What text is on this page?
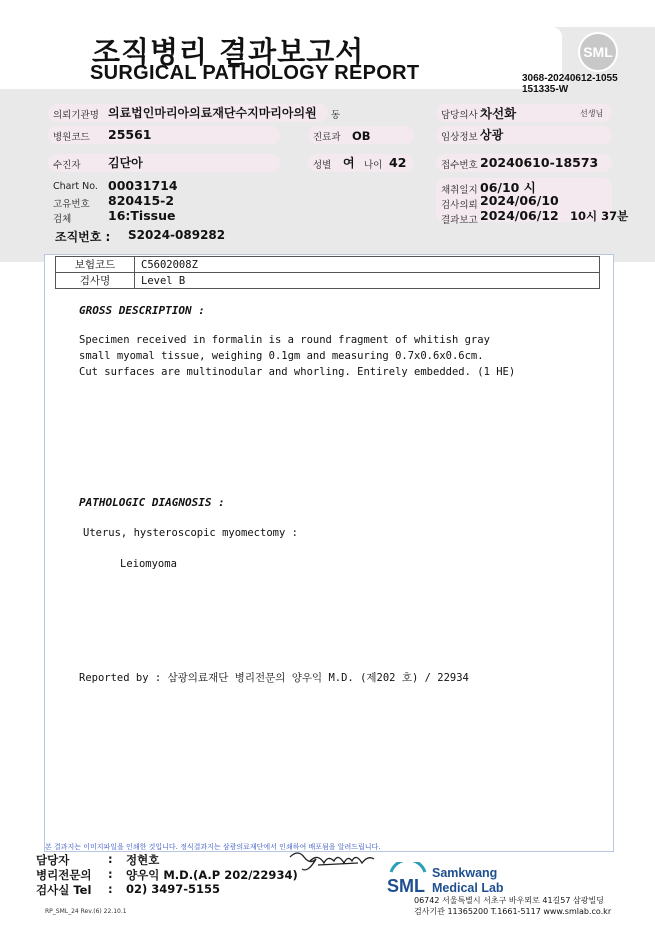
조직병리 결과보고서
SURGICAL PATHOLOGY REPORT
SML
3068-20240612-1055
151335-W
의뢰기관명 의료법인마리아의료재단수지마리아의원 동	담당의사 차선화	선생님
병원코드 25561	진료과 OB	임상정보 상광
수진자 김단아	성별 여 나이 42	접수번호 20240610-18573
Chart No. 00031714
고유번호 820415-2
검체	16:Tissue
채취일지 06/10 시
검사의뢰 2024/06/10
결과보고 2024/06/12 10시 37분
조직번호 : S2024-089282
보험코드	C5602008Z
검사명	Level B
GROSS DESCRIPTION :
Specimen received in formalin is a round fragment of whitish gray
small myomal tissue, weighing 0.1gm and measuring 0.7x0.6x0.6cm.
Cut surfaces are multinodular and whorling. Entirely embedded. (1 HE)
PATHOLOGIC DIAGNOSIS :
Uterus, hysteroscopic myomectomy :
Leiomyoma
Reported by : 삼광의료재단 병리전문의 양우익 M.D. (제202 호) / 22934
본 결과지는 이미지파일을 인쇄한 것입니다. 정식결과지는 삼광의료재단에서 인쇄하여 배포됨을 알려드립니다.
담당자	: 정현호
병리전문의 : 양우익 M.D.(A.P 202/22934)
검사실 Tel : 02) 3497-5155	SML
Samkwang
Medical Lab
06742 서울특별시 서초구 바우뫼로 41길57 삼광빌딩
검사기관 11365200 T.1661-5117 www.smlab.co.kr
RP_SML_24 Rev.(6) 22.10.1
